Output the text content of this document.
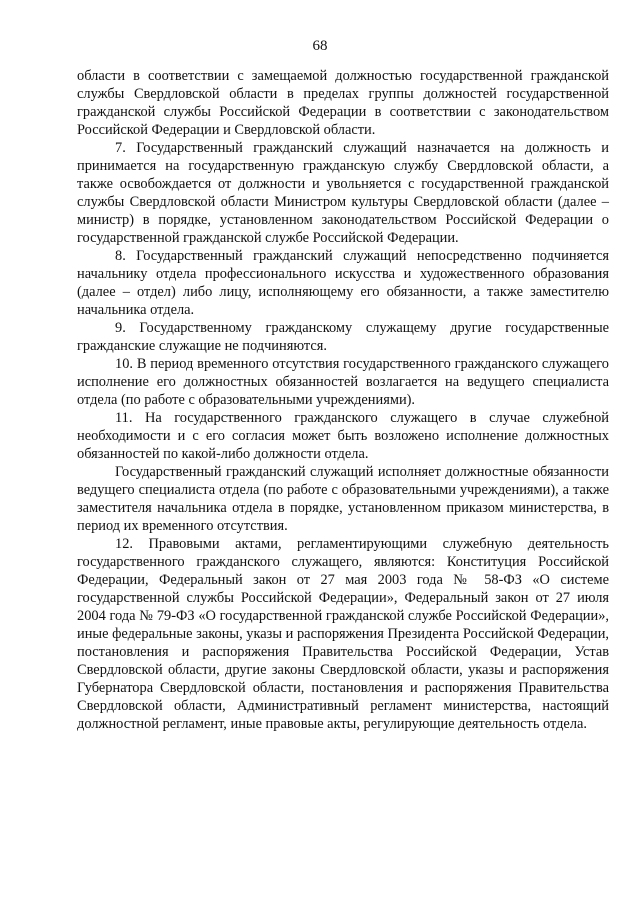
68

области в соответствии с замещаемой должностью государственной гражданской службы Свердловской области в пределах группы должностей государственной гражданской службы Российской Федерации в соответствии с законодательством Российской Федерации и Свердловской области.

7. Государственный гражданский служащий назначается на должность и принимается на государственную гражданскую службу Свердловской области, а также освобождается от должности и увольняется с государственной гражданской службы Свердловской области Министром культуры Свердловской области (далее – министр) в порядке, установленном законодательством Российской Федерации о государственной гражданской службе Российской Федерации.

8. Государственный гражданский служащий непосредственно подчиняется начальнику отдела профессионального искусства и художественного образования (далее – отдел) либо лицу, исполняющему его обязанности, а также заместителю начальника отдела.

9. Государственному гражданскому служащему другие государственные гражданские служащие не подчиняются.

10. В период временного отсутствия государственного гражданского служащего исполнение его должностных обязанностей возлагается на ведущего специалиста отдела (по работе с образовательными учреждениями).

11. На государственного гражданского служащего в случае служебной необходимости и с его согласия может быть возложено исполнение должностных обязанностей по какой-либо должности отдела.

Государственный гражданский служащий исполняет должностные обязанности ведущего специалиста отдела (по работе с образовательными учреждениями), а также заместителя начальника отдела в порядке, установленном приказом министерства, в период их временного отсутствия.

12. Правовыми актами, регламентирующими служебную деятельность государственного гражданского служащего, являются: Конституция Российской Федерации, Федеральный закон от 27 мая 2003 года № 58-ФЗ «О системе государственной службы Российской Федерации», Федеральный закон от 27 июля 2004 года № 79-ФЗ «О государственной гражданской службе Российской Федерации», иные федеральные законы, указы и распоряжения Президента Российской Федерации, постановления и распоряжения Правительства Российской Федерации, Устав Свердловской области, другие законы Свердловской области, указы и распоряжения Губернатора Свердловской области, постановления и распоряжения Правительства Свердловской области, Административный регламент министерства, настоящий должностной регламент, иные правовые акты, регулирующие деятельность отдела.
